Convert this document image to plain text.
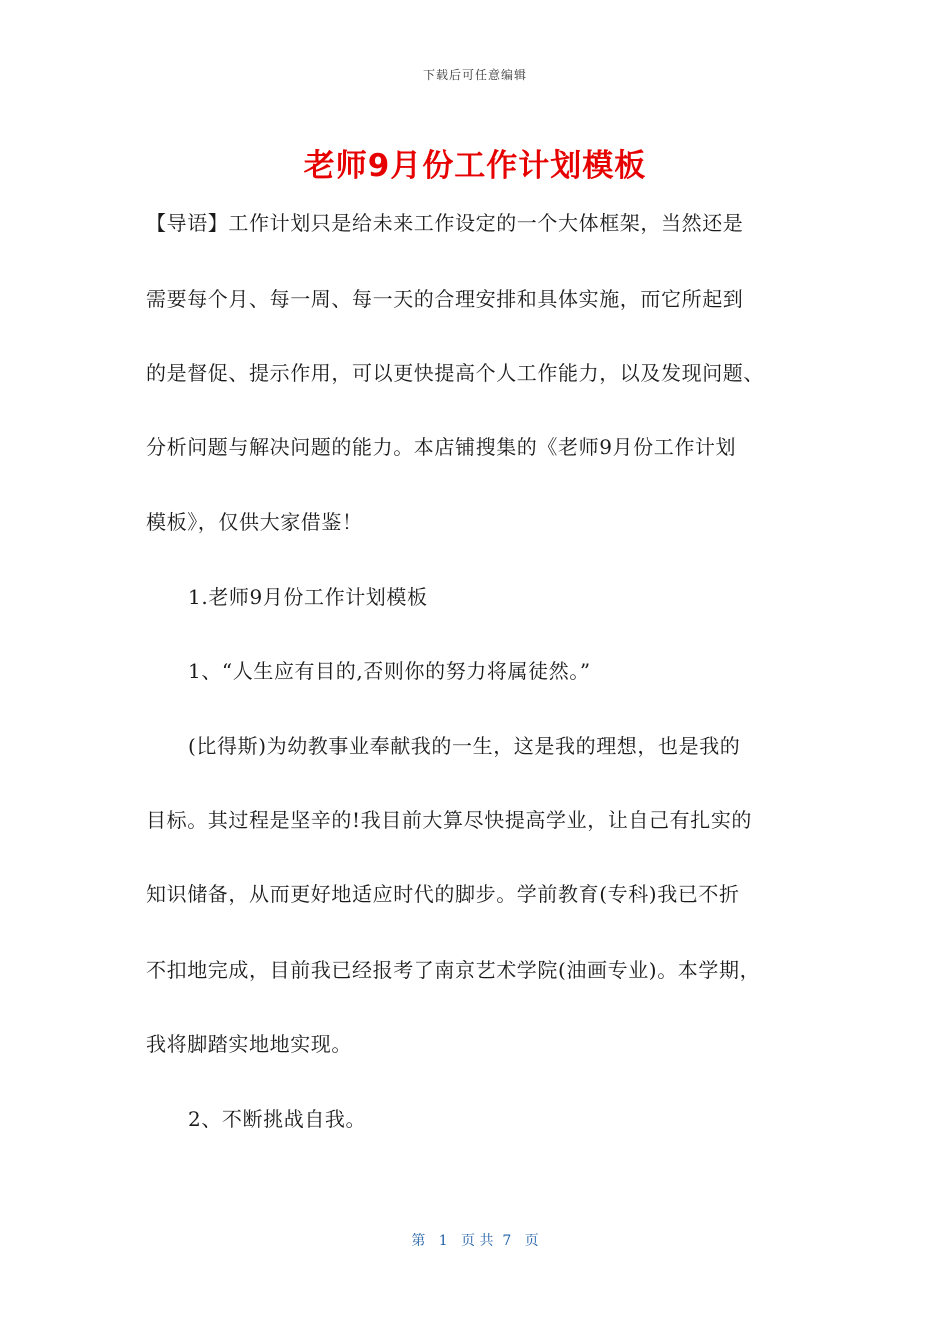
下载后可任意编辑
老师9月份工作计划模板
【导语】工作计划只是给未来工作设定的一个大体框架，当然还是
需要每个月、每一周、每一天的合理安排和具体实施，而它所起到
的是督促、提示作用，可以更快提高个人工作能力，以及发现问题、
分析问题与解决问题的能力。本店铺搜集的《老师9月份工作计划
模板》，仅供大家借鉴！
1.老师9月份工作计划模板
1、“人生应有目的,否则你的努力将属徒然。”
(比得斯)为幼教事业奉献我的一生，这是我的理想，也是我的
目标。其过程是坚辛的!我目前大算尽快提高学业，让自己有扎实的
知识储备，从而更好地适应时代的脚步。学前教育(专科)我已不折
不扣地完成，目前我已经报考了南京艺术学院(油画专业)。本学期，
我将脚踏实地地实现。
2、不断挑战自我。
第   1   页 共  7   页
